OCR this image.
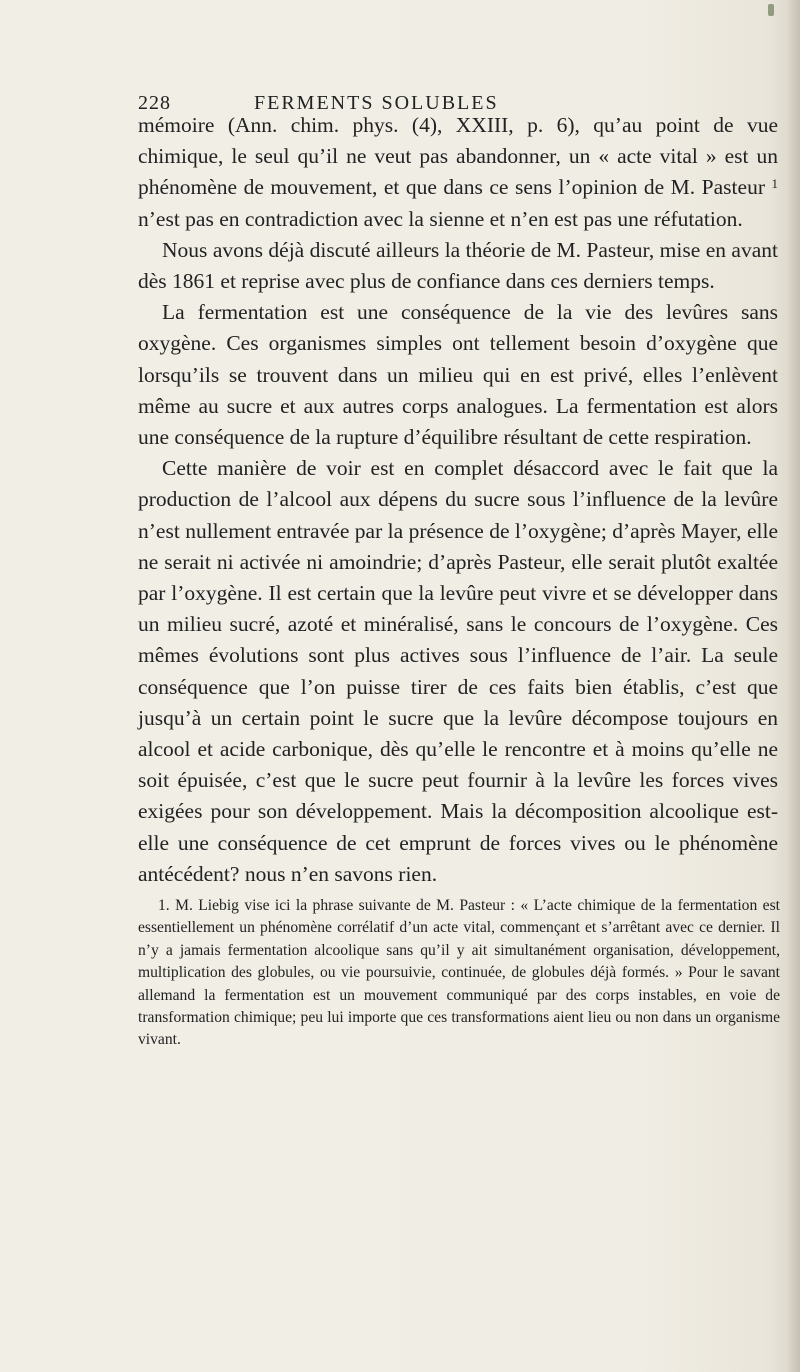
228	FERMENTS SOLUBLES

mémoire (Ann. chim. phys. (4), XXIII, p. 6), qu’au point de vue chimique, le seul qu’il ne veut pas abandonner, un « acte vital » est un phénomène de mouvement, et que dans ce sens l’opinion de M. Pasteur $^1$ n’est pas en contradiction avec la sienne et n’en est pas une réfutation.

Nous avons déjà discuté ailleurs la théorie de M. Pasteur, mise en avant dès 1861 et reprise avec plus de confiance dans ces derniers temps.

La fermentation est une conséquence de la vie des levûres sans oxygène. Ces organismes simples ont tellement besoin d’oxygène que lorsqu’ils se trouvent dans un milieu qui en est privé, elles l’enlèvent même au sucre et aux autres corps analogues. La fermentation est alors une conséquence de la rupture d’équilibre résultant de cette respiration.

Cette manière de voir est en complet désaccord avec le fait que la production de l’alcool aux dépens du sucre sous l’influence de la levûre n’est nullement entravée par la présence de l’oxygène; d’après Mayer, elle ne serait ni activée ni amoindrie; d’après Pasteur, elle serait plutôt exaltée par l’oxygène. Il est certain que la levûre peut vivre et se développer dans un milieu sucré, azoté et minéralisé, sans le concours de l’oxygène. Ces mêmes évolutions sont plus actives sous l’influence de l’air. La seule conséquence que l’on puisse tirer de ces faits bien établis, c’est que jusqu’à un certain point le sucre que la levûre décompose toujours en alcool et acide carbonique, dès qu’elle le rencontre et à moins qu’elle ne soit épuisée, c’est que le sucre peut fournir à la levûre les forces vives exigées pour son développement. Mais la décomposition alcoolique est-elle une conséquence de cet emprunt de forces vives ou le phénomène antécédent? nous n’en savons rien.

1. M. Liebig vise ici la phrase suivante de M. Pasteur : « L’acte chimique de la fermentation est essentiellement un phénomène corrélatif d’un acte vital, commençant et s’arrêtant avec ce dernier. Il n’y a jamais fermentation alcoolique sans qu’il y ait simultanément organisation, développement, multiplication des globules, ou vie poursuivie, continuée, de globules déjà formés. » Pour le savant allemand la fermentation est un mouvement communiqué par des corps instables, en voie de transformation chimique; peu lui importe que ces transformations aient lieu ou non dans un organisme vivant.
